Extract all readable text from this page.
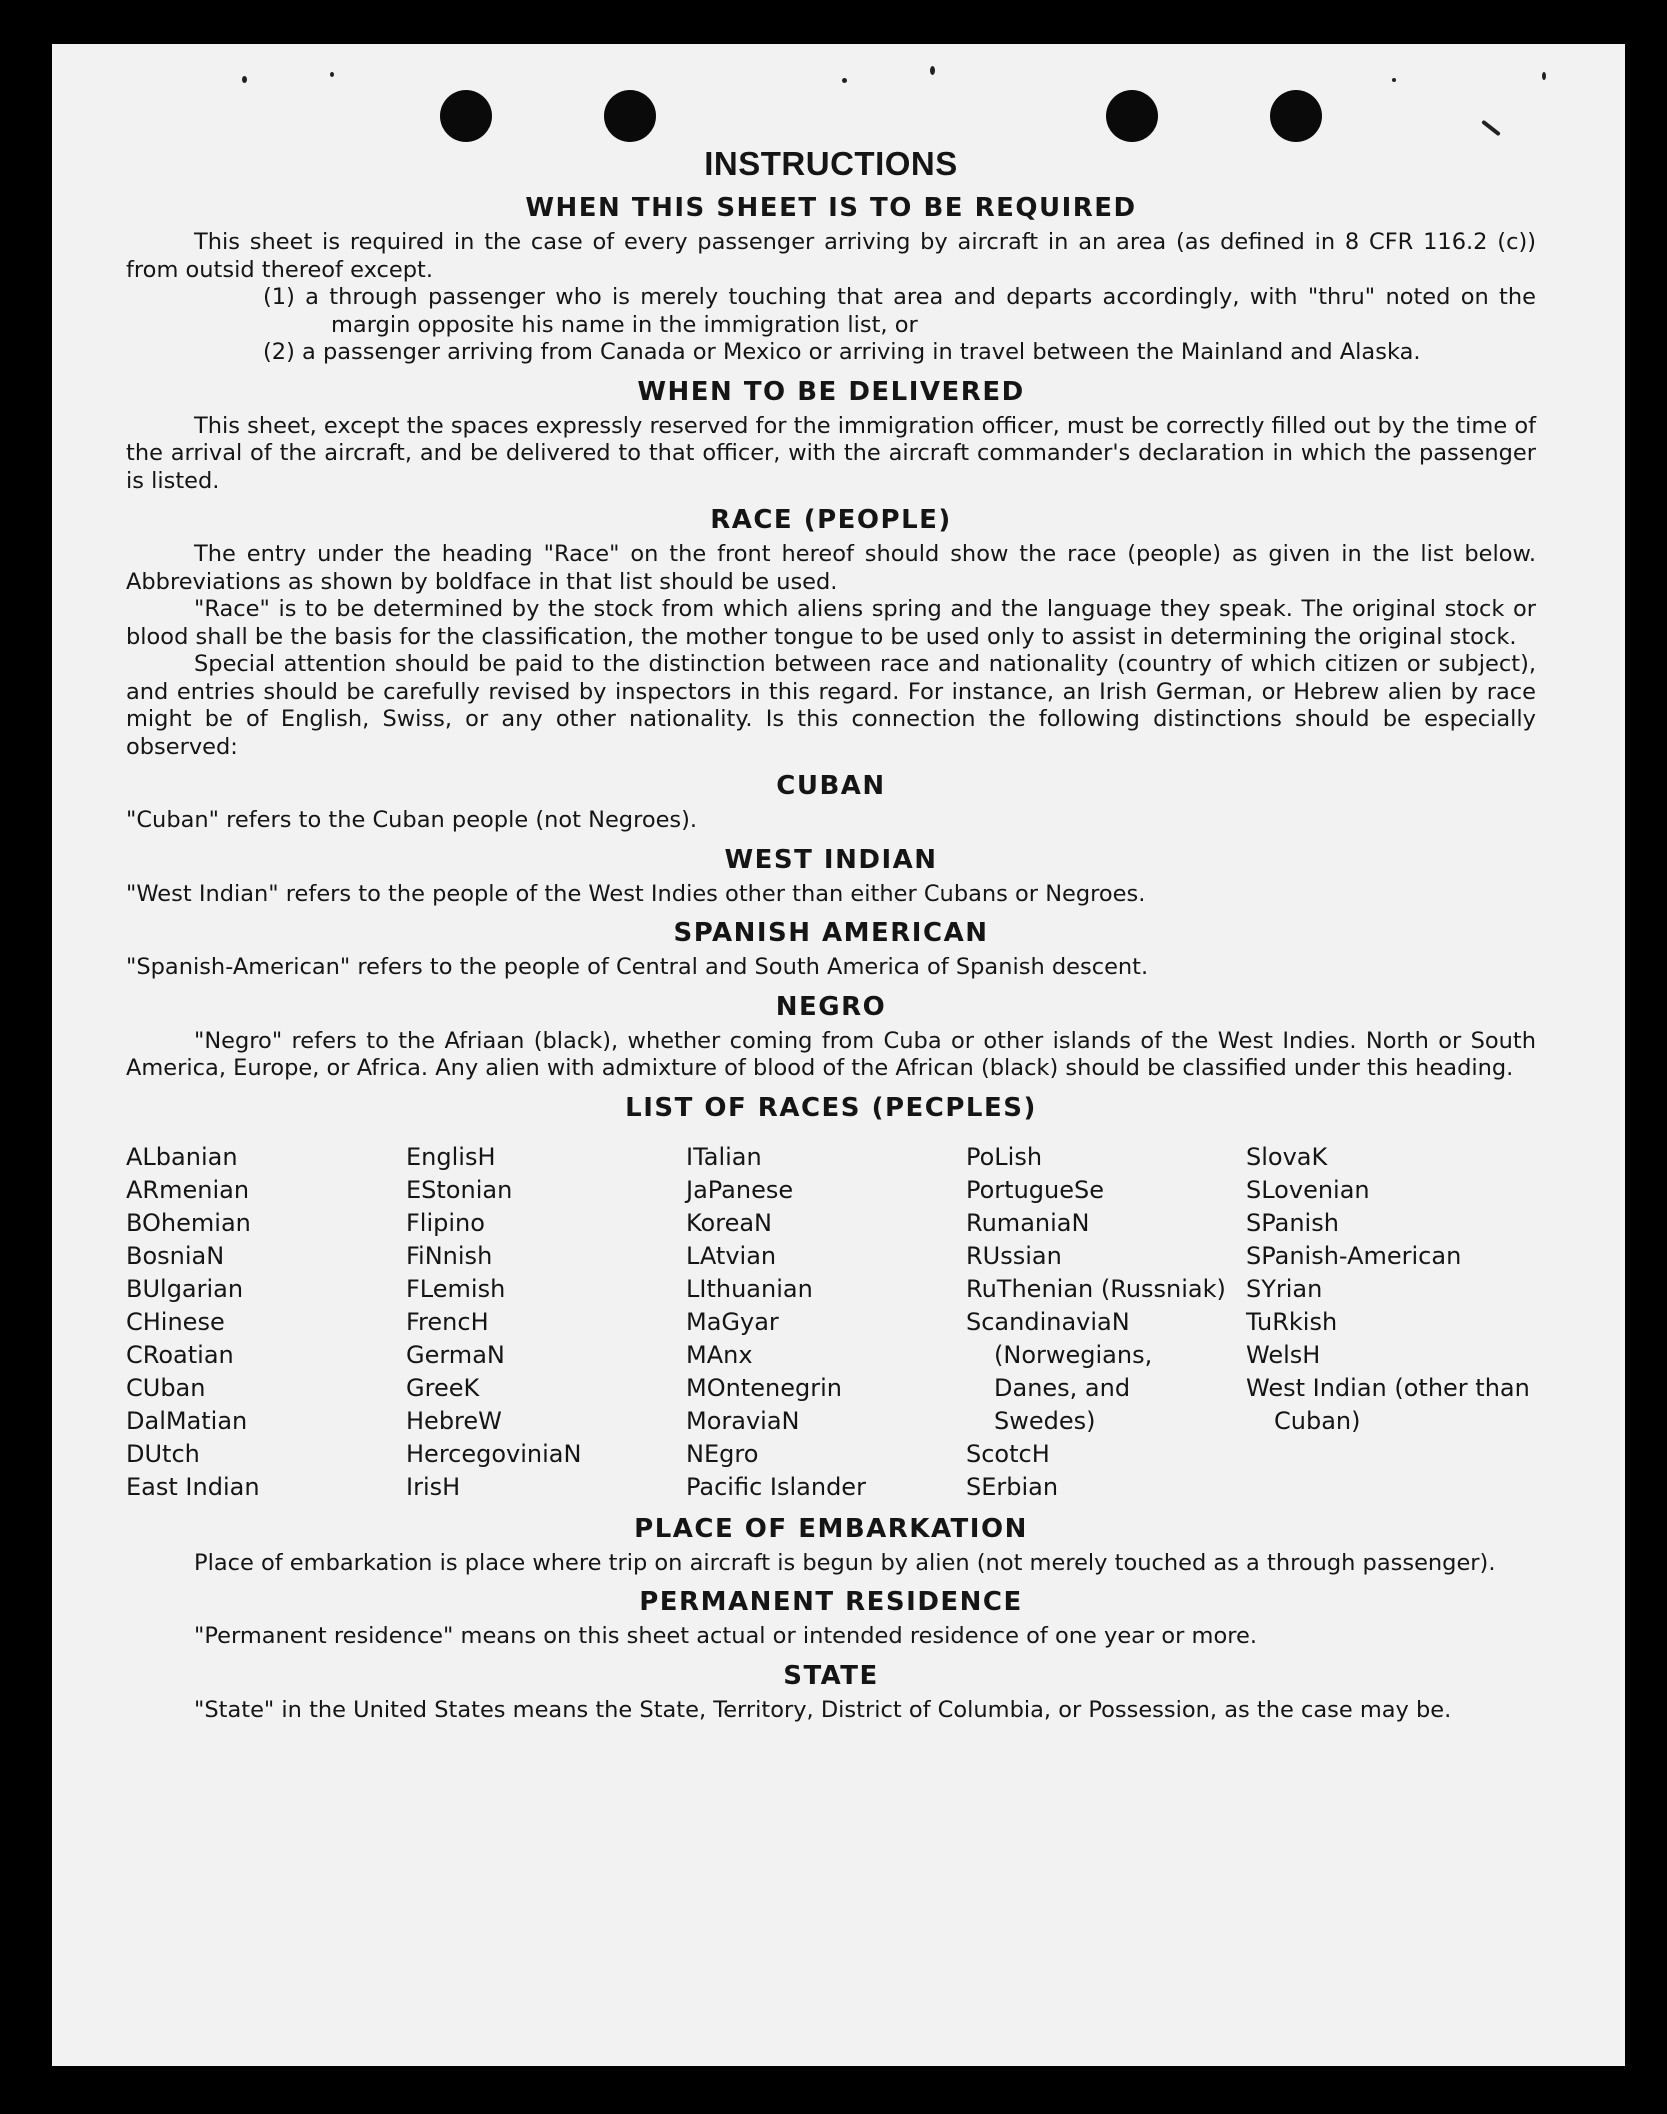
INSTRUCTIONS
WHEN THIS SHEET IS TO BE REQUIRED

This sheet is required in the case of every passenger arriving by aircraft in an area (as defined in 8 CFR 116.2 (c)) from outsid thereof except.

(1) a through passenger who is merely touching that area and departs accordingly, with "thru" noted on the margin opposite his name in the immigration list, or

(2) a passenger arriving from Canada or Mexico or arriving in travel between the Mainland and Alaska.

WHEN TO BE DELIVERED

This sheet, except the spaces expressly reserved for the immigration officer, must be correctly filled out by the time of the arrival of the aircraft, and be delivered to that officer, with the aircraft commander's declaration in which the passenger is listed.

RACE (PEOPLE)

The entry under the heading "Race" on the front hereof should show the race (people) as given in the list below. Abbreviations as shown by boldface in that list should be used.

"Race" is to be determined by the stock from which aliens spring and the language they speak. The original stock or blood shall be the basis for the classification, the mother tongue to be used only to assist in determining the original stock.

Special attention should be paid to the distinction between race and nationality (country of which citizen or subject), and entries should be carefully revised by inspectors in this regard. For instance, an Irish German, or Hebrew alien by race might be of English, Swiss, or any other nationality. Is this connection the following distinctions should be especially observed:

CUBAN

"Cuban" refers to the Cuban people (not Negroes).

WEST INDIAN

"West Indian" refers to the people of the West Indies other than either Cubans or Negroes.

SPANISH AMERICAN

"Spanish-American" refers to the people of Central and South America of Spanish descent.

NEGRO

"Negro" refers to the Afriaan (black), whether coming from Cuba or other islands of the West Indies. North or South America, Europe, or Africa. Any alien with admixture of blood of the African (black) should be classified under this heading.

LIST OF RACES (PECPLES)
ALbanian
ARmenian
BOhemian
BosniaN
BUlgarian
CHinese
CRoatian
CUban
DalMatian
DUtch
East Indian
EnglisH
EStonian
Flipino
FiNnish
FLemish
FrencH
GermaN
GreeK
HebreW
HercegoviniaN
IrisH
ITalian
JaPanese
KoreaN
LAtvian
LIthuanian
MaGyar
MAnx
MOntenegrin
MoraviaN
NEgro
Pacific Islander
PoLish
PortugueSe
RumaniaN
RUssian
RuThenian (Russniak)
ScandinaviaN (Norwegians, Danes, and Swedes)
ScotcH
SErbian
SlovaK
SLovenian
SPanish
SPanish-American
SYrian
TuRkish
WelsH
West Indian (other than Cuban)
PLACE OF EMBARKATION

Place of embarkation is place where trip on aircraft is begun by alien (not merely touched as a through passenger).

PERMANENT RESIDENCE

"Permanent residence" means on this sheet actual or intended residence of one year or more.

STATE

"State" in the United States means the State, Territory, District of Columbia, or Possession, as the case may be.
